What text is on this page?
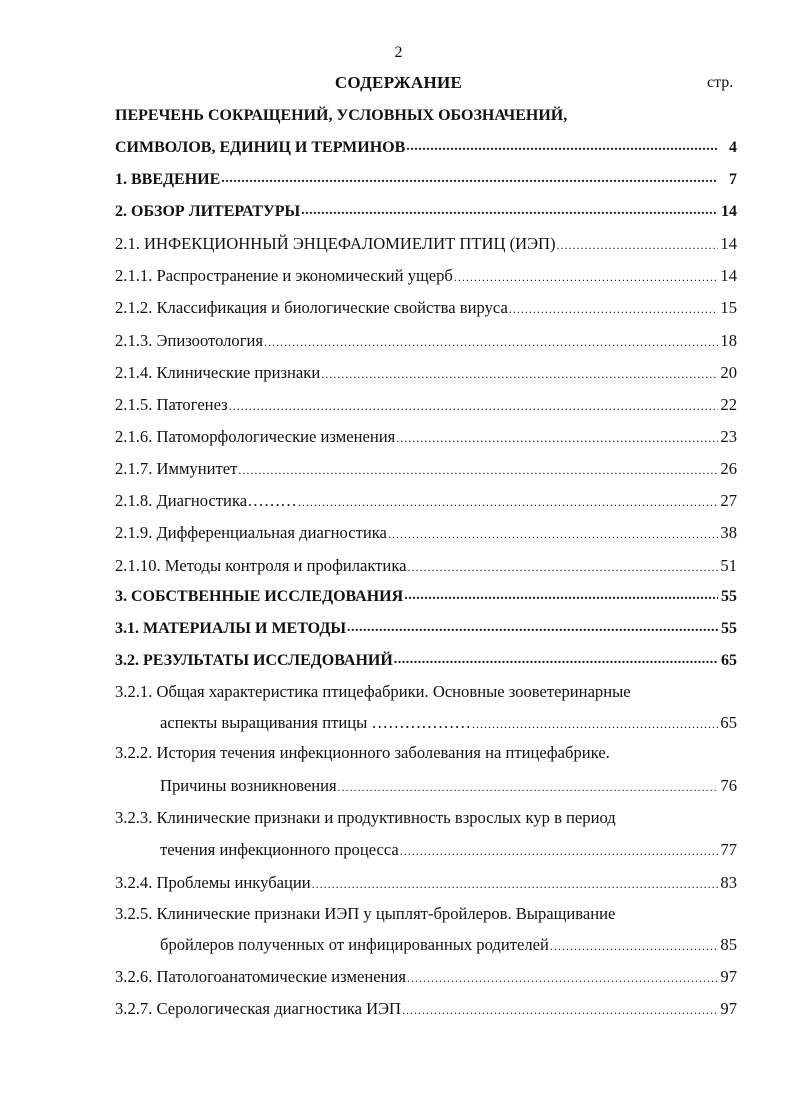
2
СОДЕРЖАНИЕ	стр.
ПЕРЕЧЕНЬ СОКРАЩЕНИЙ, УСЛОВНЫХ ОБОЗНАЧЕНИЙ,
СИМВОЛОВ, ЕДИНИЦ И ТЕРМИНОВ .....	4
1. ВВЕДЕНИЕ .....	7
2. ОБЗОР ЛИТЕРАТУРЫ .....	14
2.1. ИНФЕКЦИОННЫЙ ЭНЦЕФАЛОМИЕЛИТ ПТИЦ (ИЭП) .....	14
2.1.1. Распространение и экономический ущерб .....	14
2.1.2. Классификация и биологические свойства вируса .....	15
2.1.3. Эпизоотология .....	18
2.1.4. Клинические признаки .....	20
2.1.5. Патогенез .....	22
2.1.6. Патоморфологические изменения .....	23
2.1.7. Иммунитет .....	26
2.1.8. Диагностика……… .....	27
2.1.9. Дифференциальная диагностика .....	38
2.1.10. Методы контроля и профилактика .....	51
3. СОБСТВЕННЫЕ ИССЛЕДОВАНИЯ .....	55
3.1. МАТЕРИАЛЫ И МЕТОДЫ .....	55
3.2. РЕЗУЛЬТАТЫ ИССЛЕДОВАНИЙ .....	65
3.2.1. Общая характеристика птицефабрики. Основные зооветеринарные
аспекты выращивания птицы ……………… .....	65
3.2.2. История течения инфекционного заболевания на птицефабрике.
Причины возникновения .....	76
3.2.3. Клинические признаки и продуктивность взрослых кур в период
течения инфекционного процесса .....	77
3.2.4. Проблемы инкубации .....	83
3.2.5. Клинические признаки ИЭП у цыплят-бройлеров. Выращивание
бройлеров полученных от инфицированных родителей .....	85
3.2.6. Патологоанатомические изменения .....	97
3.2.7. Серологическая диагностика ИЭП .....	97
